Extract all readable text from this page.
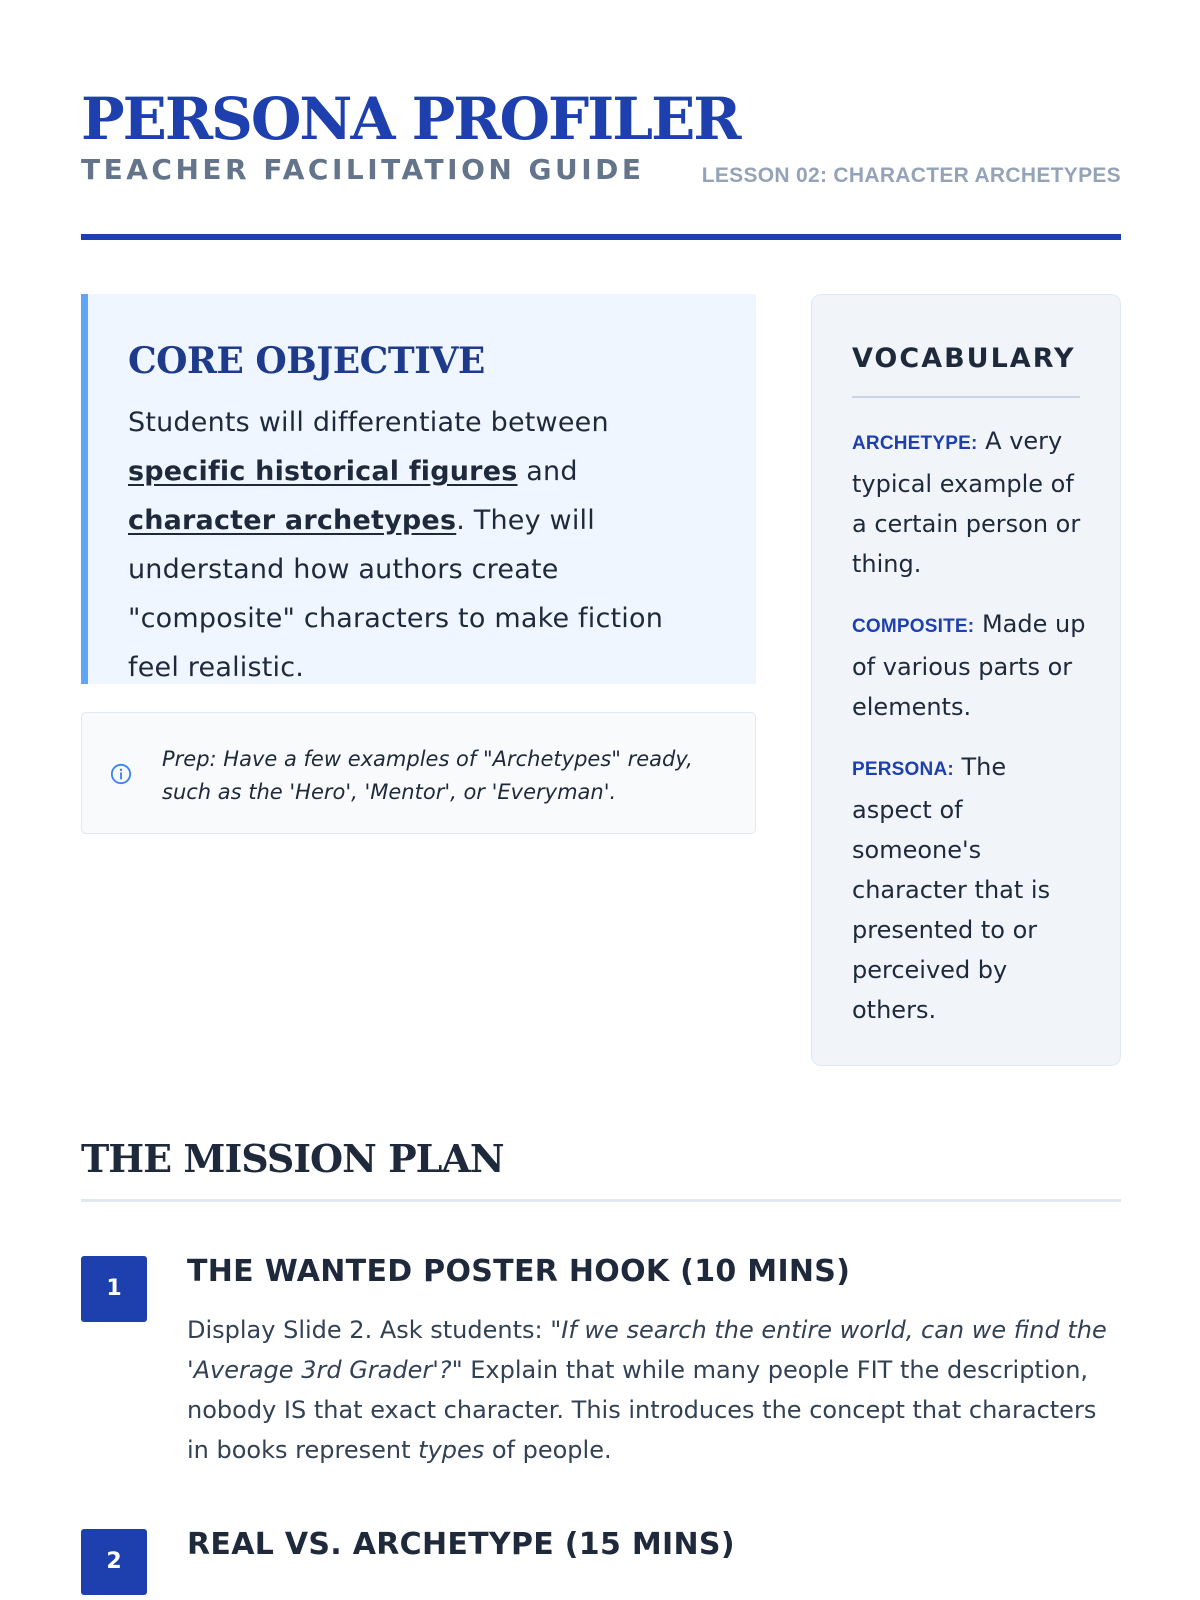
PERSONA PROFILER
TEACHER FACILITATION GUIDE	LESSON 02: CHARACTER ARCHETYPES
CORE OBJECTIVE

Students will differentiate between specific historical figures and character archetypes. They will understand how authors create "composite" characters to make fiction feel realistic.

Prep: Have a few examples of "Archetypes" ready, such as the 'Hero', 'Mentor', or 'Everyman'.
VOCABULARY
ARCHETYPE: A very typical example of a certain person or thing.
COMPOSITE: Made up of various parts or elements.
PERSONA: The aspect of someone's character that is presented to or perceived by others.
THE MISSION PLAN
1	THE WANTED POSTER HOOK (10 MINS)
Display Slide 2. Ask students: "If we search the entire world, can we find the 'Average 3rd Grader'?" Explain that while many people FIT the description, nobody IS that exact character. This introduces the concept that characters in books represent types of people.
2	REAL VS. ARCHETYPE (15 MINS)
